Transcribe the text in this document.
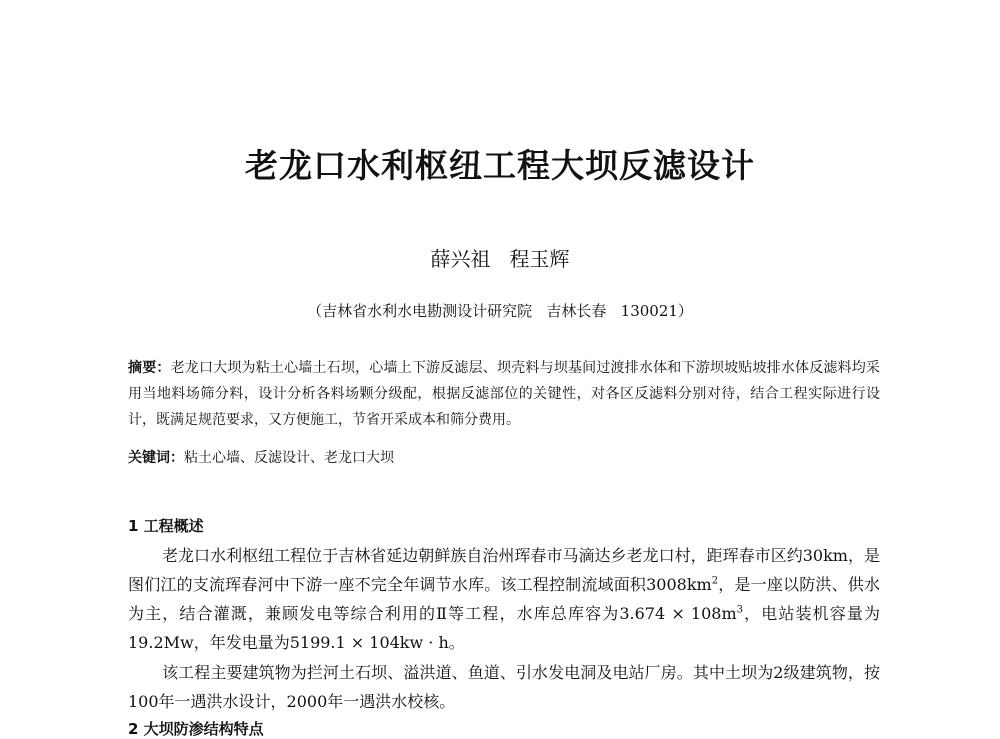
老龙口水利枢纽工程大坝反滤设计
薛兴祖   程玉辉
（吉林省水利水电勘测设计研究院   吉林长春   130021）
摘要：老龙口大坝为粘土心墙土石坝，心墙上下游反滤层、坝壳料与坝基间过渡排水体和下游坝坡贴坡排水体反滤料均采用当地料场筛分料，设计分析各料场颗分级配，根据反滤部位的关键性，对各区反滤料分别对待，结合工程实际进行设计，既满足规范要求，又方便施工，节省开采成本和筛分费用。
关键词：粘土心墙、反滤设计、老龙口大坝
1 工程概述
老龙口水利枢纽工程位于吉林省延边朝鲜族自治州珲春市马滴达乡老龙口村，距珲春市区约30km，是图们江的支流珲春河中下游一座不完全年调节水库。该工程控制流域面积$3008km^2$，是一座以防洪、供水为主，结合灌溉，兼顾发电等综合利用的Ⅱ等工程，水库总库容为$3.674 \times 108m^3$，电站装机容量为19.2Mw，年发电量为5199.1 × 104kw · h。
该工程主要建筑物为拦河土石坝、溢洪道、鱼道、引水发电洞及电站厂房。其中土坝为2级建筑物，按100年一遇洪水设计，2000年一遇洪水校核。
2 大坝防渗结构特点
